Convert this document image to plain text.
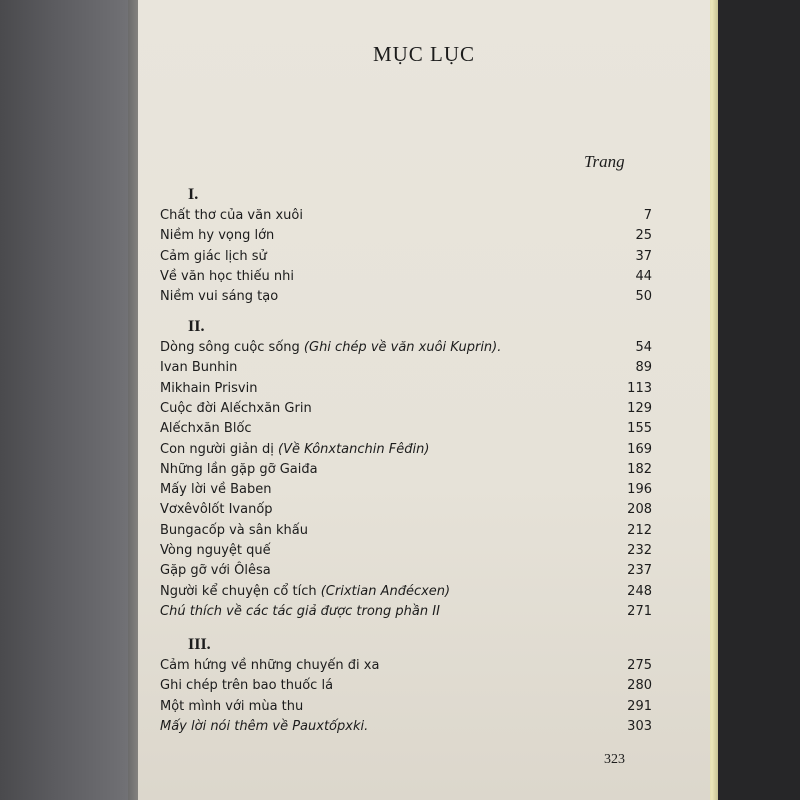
MỤC LỤC
Trang
I.
Chất thơ của văn xuôi	7
Niềm hy vọng lớn	25
Cảm giác lịch sử	37
Về văn học thiếu nhi	44
Niềm vui sáng tạo	50
II.
Dòng sông cuộc sống (Ghi chép về văn xuôi Kuprin).	54
Ivan Bunhin	89
Mikhain Prisvin	113
Cuộc đời Alếchxăn Grin	129
Alếchxăn Blốc	155
Con người giản dị (Về Kônxtanchin Fêđin)	169
Những lần gặp gỡ Gaiđa	182
Mấy lời về Baben	196
Vơxêvôlốt Ivanốp	208
Bungacốp và sân khấu	212
Vòng nguyệt quế	232
Gặp gỡ với Ôlêsa	237
Người kể chuyện cổ tích (Crixtian Anđécxen)	248
Chú thích về các tác giả được trong phần II	271
III.
Cảm hứng về những chuyến đi xa	275
Ghi chép trên bao thuốc lá	280
Một mình với mùa thu	291
Mấy lời nói thêm về Pauxtốpxki.	303
323
